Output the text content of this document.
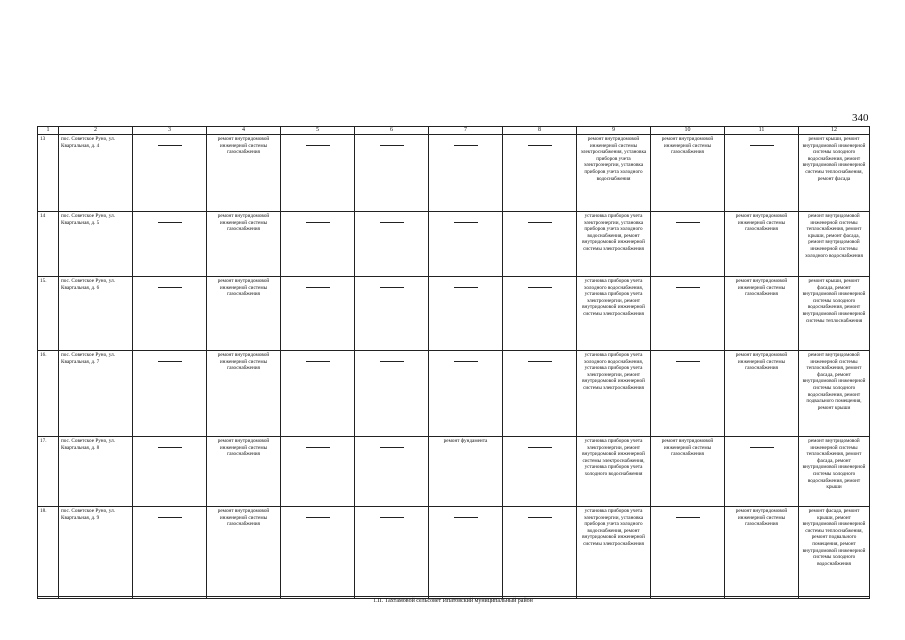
340
1	2	3	4	5	6	7	8	9	10	11	12
13	пос. Советское Руно, ул. Квартальная, д. 4		ремонт внутридомовой инженерной системы газоснабжения					ремонт внутридомовой инженерной системы электроснабжения, установка приборов учета электроэнергии, установка приборов учета холодного водоснабжения	ремонт внутридомовой инженерной системы газоснабжения		ремонт крыши, ремонт внутридомовой инженерной системы холодного водоснабжения, ремонт внутридомовой инженерной системы теплоснабжения, ремонт фасада
14	пос. Советское Руно, ул. Квартальная, д. 5		ремонт внутридомовой инженерной системы газоснабжения					установка приборов учета электроэнергии, установка приборов учета холодного водоснабжения, ремонт внутридомовой инженерной системы электроснабжения		ремонт внутридомовой инженерной системы газоснабжения	ремонт внутридомовой инженерной системы теплоснабжения, ремонт крыши, ремонт фасада, ремонт внутридомовой инженерной системы холодного водоснабжения
15.	пос. Советское Руно, ул. Квартальная, д. 6		ремонт внутридомовой инженерной системы газоснабжения					установка приборов учета холодного водоснабжения, установка приборов учета электроэнергии, ремонт внутридомовой инженерной системы электроснабжения		ремонт внутридомовой инженерной системы газоснабжения	ремонт крыши, ремонт фасада, ремонт внутридомовой инженерной системы холодного водоснабжения, ремонт внутридомовой инженерной системы теплоснабжения
16.	пос. Советское Руно, ул. Квартальная, д. 7		ремонт внутридомовой инженерной системы газоснабжения					установка приборов учета холодного водоснабжения, установка приборов учета электроэнергии, ремонт внутридомовой инженерной системы электроснабжения		ремонт внутридомовой инженерной системы газоснабжения	ремонт внутридомовой инженерной системы теплоснабжения, ремонт фасада, ремонт внутридомовой инженерной системы холодного водоснабжения, ремонт подвального помещения, ремонт крыши
17.	пос. Советское Руно, ул. Квартальная, д. 8		ремонт внутридомовой инженерной системы газоснабжения			ремонт фундамента		установка приборов учета электроэнергии, ремонт внутридомовой инженерной системы электроснабжения, установка приборов учета холодного водоснабжения	ремонт внутридомовой инженерной системы газоснабжения		ремонт внутридомовой инженерной системы теплоснабжения, ремонт фасада, ремонт внутридомовой инженерной системы холодного водоснабжения, ремонт крыши
18.	пос. Советское Руно, ул. Квартальная, д. 9		ремонт внутридомовой инженерной системы газоснабжения					установка приборов учета электроэнергии, установка приборов учета холодного водоснабжения, ремонт внутридомовой инженерной системы электроснабжения		ремонт внутридомовой инженерной системы газоснабжения	ремонт фасада, ремонт крыши, ремонт внутридомовой инженерной системы теплоснабжения, ремонт подвального помещения, ремонт внутридомовой инженерной системы холодного водоснабжения
1.II. Тахтамовой сельсовет Ипатовский муниципальный район
